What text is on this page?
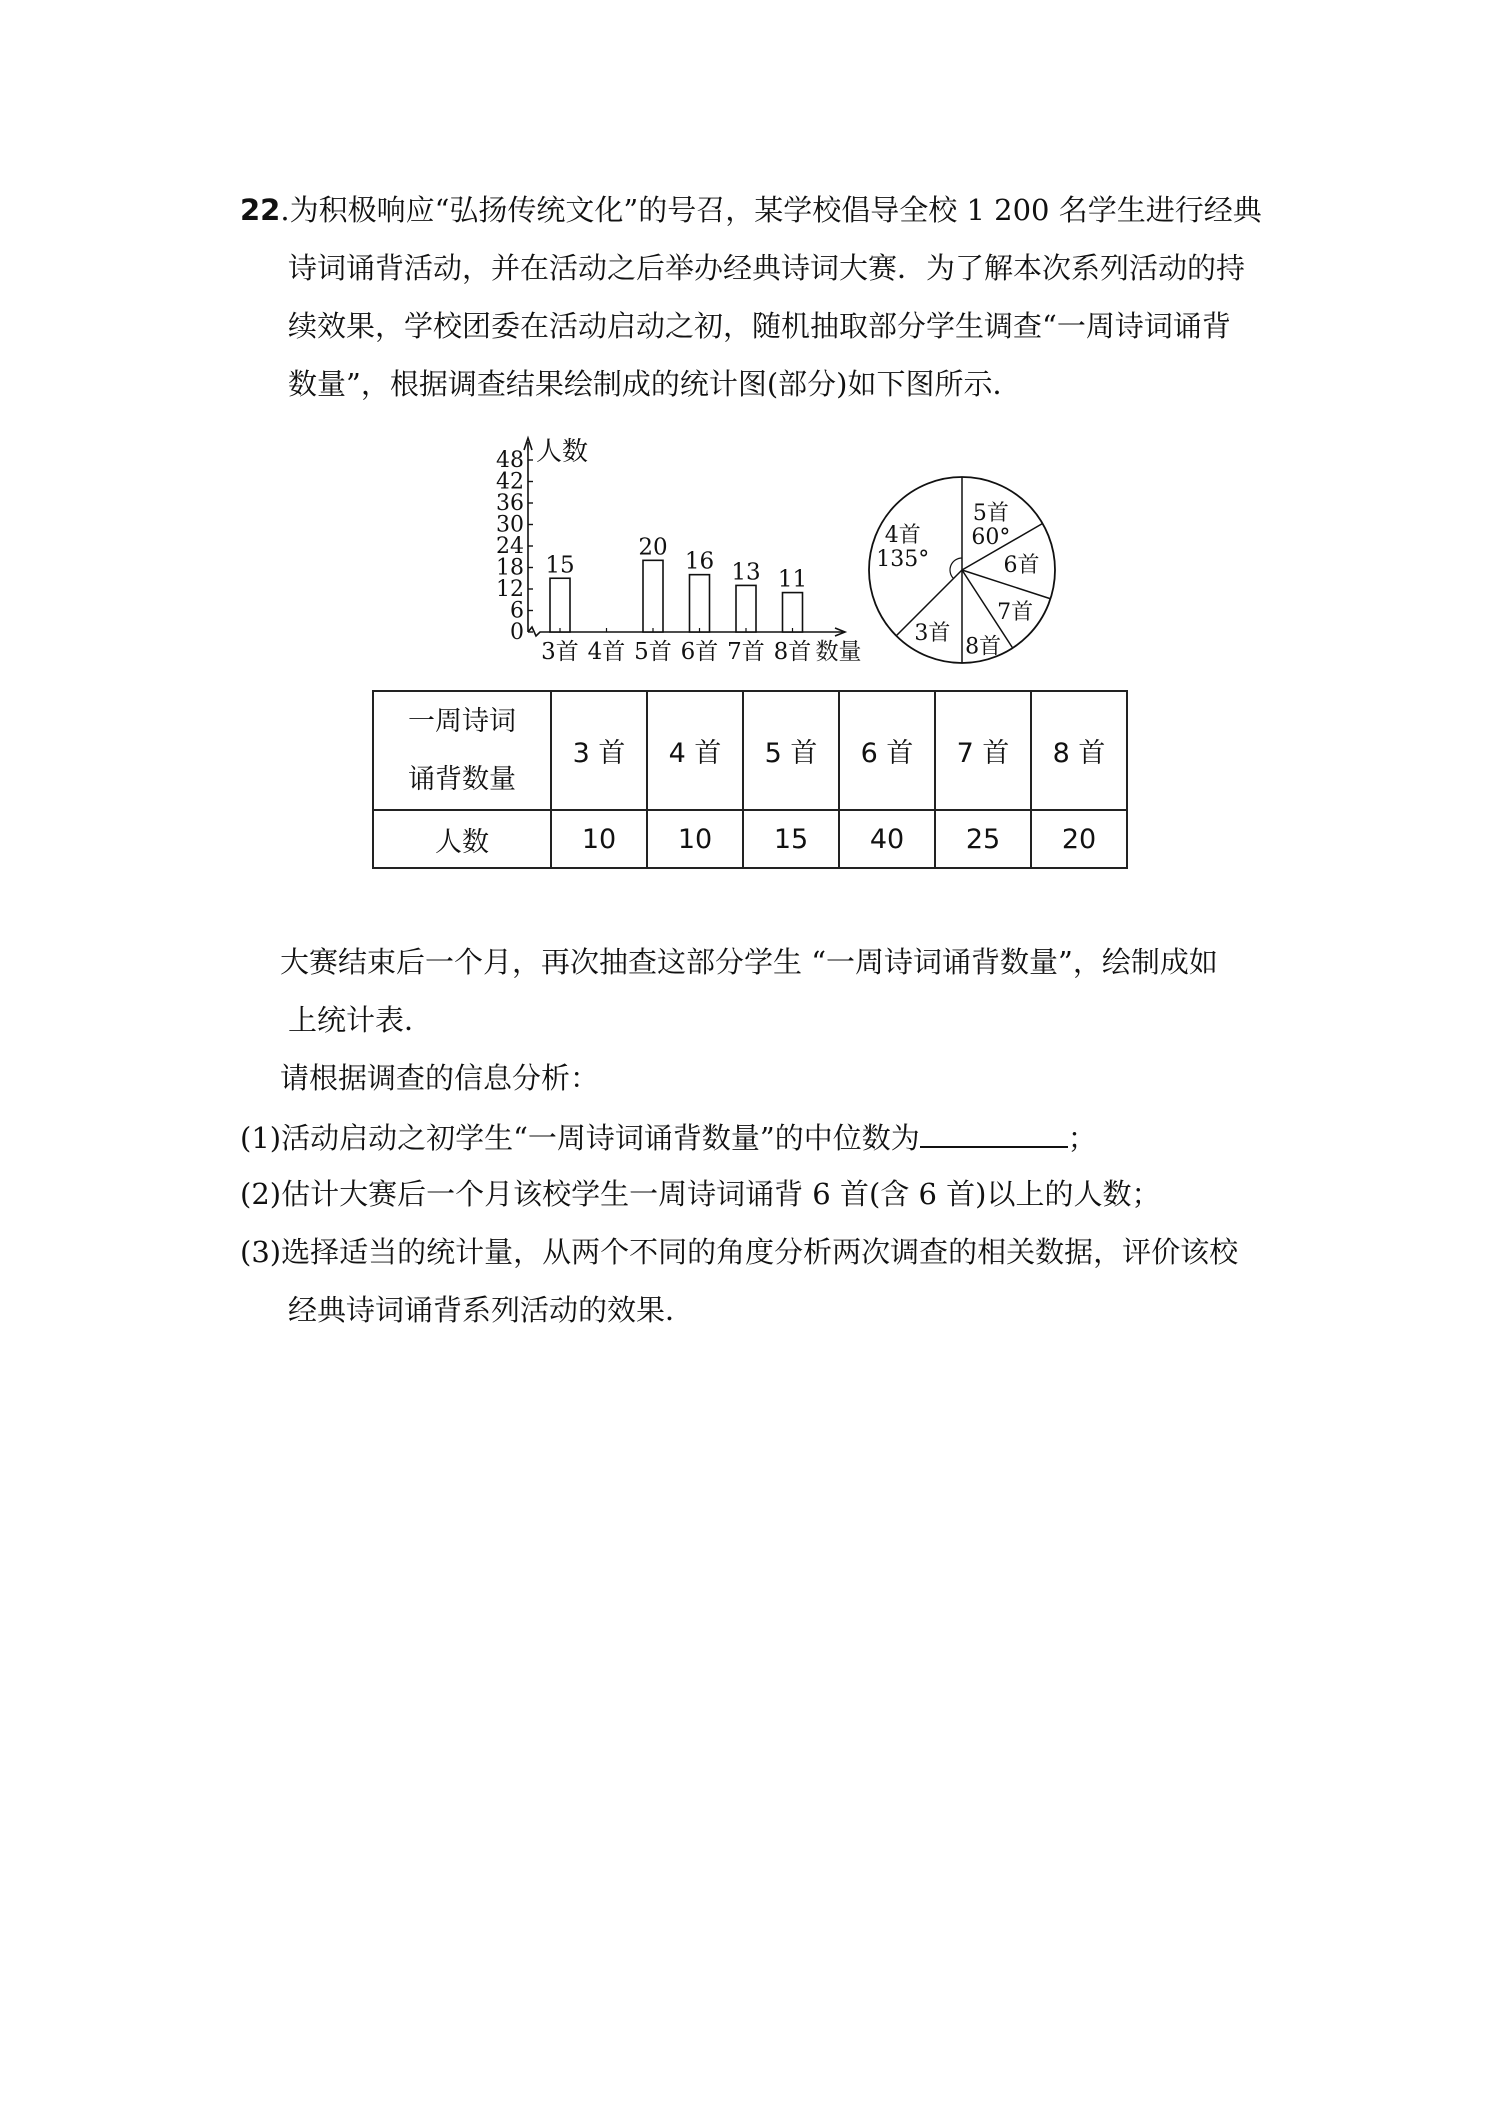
22.为积极响应“弘扬传统文化”的号召，某学校倡导全校 1 200 名学生进行经典
诗词诵背活动，并在活动之后举办经典诗词大赛．为了解本次系列活动的持
续效果，学校团委在活动启动之初，随机抽取部分学生调查“一周诗词诵背
数量”，根据调查结果绘制成的统计图(部分)如下图所示．
0
6
12
18
24
30
36
42
48 人数
数量
15
3首 4首
20
5首
16
6首
13
7首
11
8首
5首
60°
6首
7首
8首
3首
4首
135°
一周诗词
诵背数量	3 首	4 首	5 首	6 首	7 首	8 首
人数	10	10	15	40	25	20
大赛结束后一个月，再次抽查这部分学生 “一周诗词诵背数量”，绘制成如
上统计表．
请根据调查的信息分析：
(1)活动启动之初学生“一周诗词诵背数量”的中位数为	；
(2)估计大赛后一个月该校学生一周诗词诵背 6 首(含 6 首)以上的人数；
(3)选择适当的统计量，从两个不同的角度分析两次调查的相关数据，评价该校
经典诗词诵背系列活动的效果．
